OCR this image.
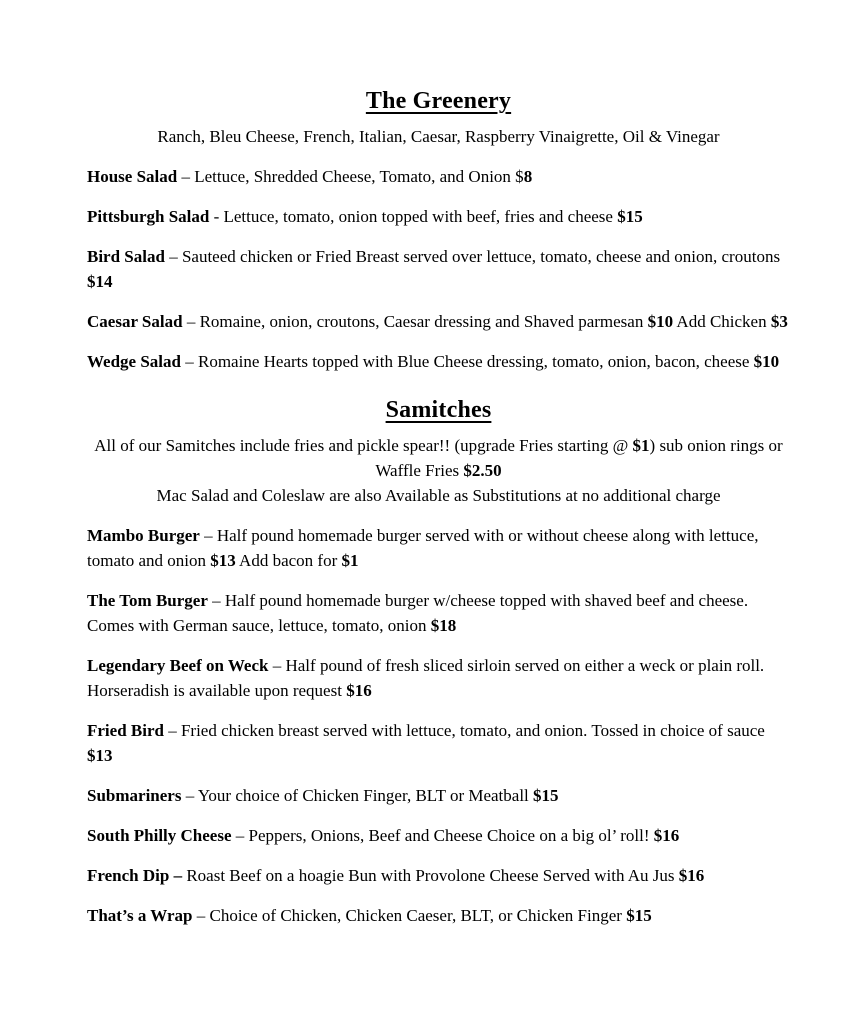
The Greenery

Ranch, Bleu Cheese, French, Italian, Caesar, Raspberry Vinaigrette, Oil & Vinegar

House Salad – Lettuce, Shredded Cheese, Tomato, and Onion $8

Pittsburgh Salad - Lettuce, tomato, onion topped with beef, fries and cheese $15

Bird Salad – Sauteed chicken or Fried Breast served over lettuce, tomato, cheese and onion, croutons $14

Caesar Salad – Romaine, onion, croutons, Caesar dressing and Shaved parmesan $10 Add Chicken $3

Wedge Salad – Romaine Hearts topped with Blue Cheese dressing, tomato, onion, bacon, cheese $10

Samitches

All of our Samitches include fries and pickle spear!! (upgrade Fries starting @ $1) sub onion rings or Waffle Fries $2.50

Mac Salad and Coleslaw are also Available as Substitutions at no additional charge

Mambo Burger – Half pound homemade burger served with or without cheese along with lettuce, tomato and onion $13 Add bacon for $1

The Tom Burger – Half pound homemade burger w/cheese topped with shaved beef and cheese. Comes with German sauce, lettuce, tomato, onion $18

Legendary Beef on Weck – Half pound of fresh sliced sirloin served on either a weck or plain roll. Horseradish is available upon request $16

Fried Bird – Fried chicken breast served with lettuce, tomato, and onion. Tossed in choice of sauce $13

Submariners – Your choice of Chicken Finger, BLT or Meatball $15

South Philly Cheese – Peppers, Onions, Beef and Cheese Choice on a big ol’ roll! $16

French Dip – Roast Beef on a hoagie Bun with Provolone Cheese Served with Au Jus $16

That’s a Wrap – Choice of Chicken, Chicken Caeser, BLT, or Chicken Finger $15
